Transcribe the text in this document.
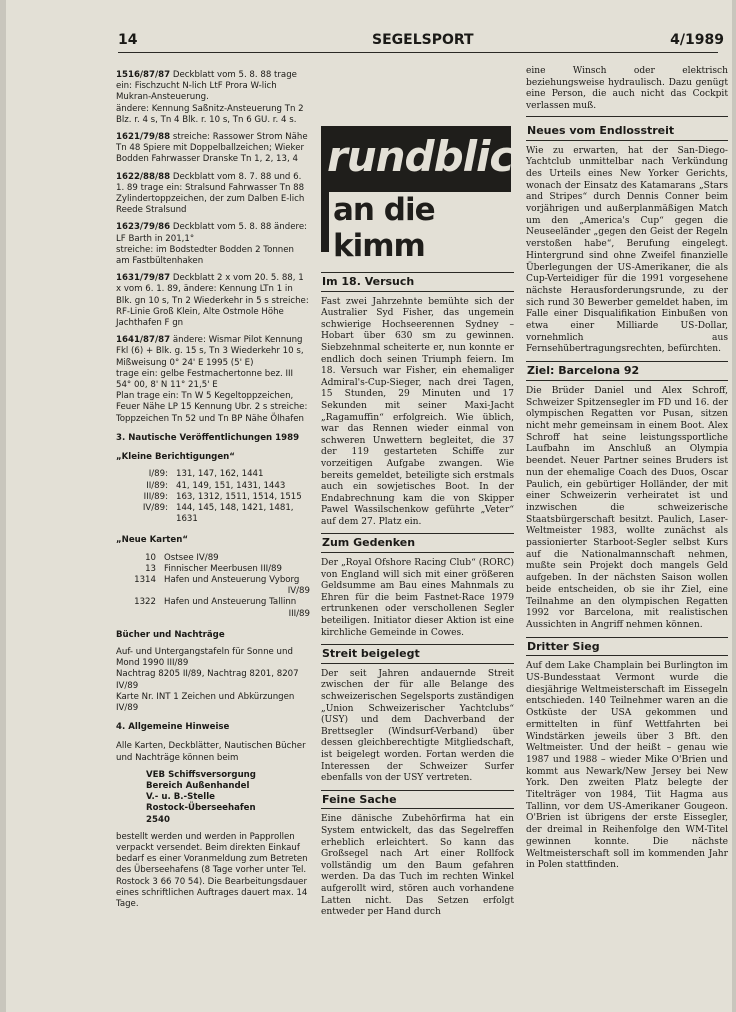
14	SEGELSPORT	4/1989
1516/87/87 Deckblatt vom 5. 8. 88 trage ein: Fischzucht N-lich LtF Prora W-lich Mukran-Ansteuerung.
ändere: Kennung Saßnitz-Ansteuerung Tn 2 Blz. r. 4 s, Tn 4 Blk. r. 10 s, Tn 6 GU. r. 4 s.
1621/79/88 streiche: Rassower Strom Nähe Tn 48 Spiere mit Doppelballzeichen; Wieker Bodden Fahrwasser Dranske Tn 1, 2, 13, 4
1622/88/88 Deckblatt vom 8. 7. 88 und 6. 1. 89 trage ein: Stralsund Fahrwasser Tn 88 Zylindertoppzeichen, der zum Dalben E-lich Reede Stralsund
1623/79/86 Deckblatt vom 5. 8. 88 ändere: LF Barth in 201,1°
streiche: im Bodstedter Bodden 2 Tonnen am Fastbültenhaken
1631/79/87 Deckblatt 2 x vom 20. 5. 88, 1 x vom 6. 1. 89, ändere: Kennung LTn 1 in Blk. gn 10 s, Tn 2 Wiederkehr in 5 s streiche: RF-Linie Groß Klein, Alte Ostmole Höhe Jachthafen F gn
1641/87/87 ändere: Wismar Pilot Kennung Fkl (6) + Blk. g. 15 s, Tn 3 Wiederkehr 10 s, Mißweisung 0° 24' E 1995 (5' E)
trage ein: gelbe Festmachertonne bez. III 54° 00, 8' N 11° 21,5' E
Plan trage ein: Tn W 5 Kegeltoppzeichen, Feuer Nähe LP 15 Kennung Ubr. 2 s streiche: Toppzeichen Tn 52 und Tn BP Nähe Ölhafen
3. Nautische Veröffentlichungen 1989
„Kleine Berichtigungen“
I/89: 131, 147, 162, 1441
II/89: 41, 149, 151, 1431, 1443
III/89: 163, 1312, 1511, 1514, 1515
IV/89: 144, 145, 148, 1421, 1481, 1631
„Neue Karten“
10 Ostsee IV/89
13 Finnischer Meerbusen III/89
1314 Hafen und Ansteuerung Vyborg
IV/89
1322 Hafen und Ansteuerung Tallinn
III/89
Bücher und Nachträge
Auf- und Untergangstafeln für Sonne und Mond 1990 III/89
Nachtrag 8205 II/89, Nachtrag 8201, 8207 IV/89
Karte Nr. INT 1 Zeichen und Abkürzungen IV/89
4. Allgemeine Hinweise
Alle Karten, Deckblätter, Nautischen Bücher und Nachträge können beim
VEB Schiffsversorgung
Bereich Außenhandel
V.- u. B.-Stelle
Rostock-Überseehafen
2540
bestellt werden und werden in Papprollen verpackt versendet. Beim direkten Einkauf bedarf es einer Voranmeldung zum Betreten des Überseehafens (8 Tage vorher unter Tel. Rostock 3 66 70 54). Die Bearbeitungsdauer eines schriftlichen Auftrages dauert max. 14 Tage.
Im 18. Versuch
Fast zwei Jahrzehnte bemühte sich der Australier Syd Fisher, das ungemein schwierige Hochseerennen Sydney – Hobart über 630 sm zu gewinnen. Siebzehnmal scheiterte er, nun konnte er endlich doch seinen Triumph feiern. Im 18. Versuch war Fisher, ein ehemaliger Admiral's-Cup-Sieger, nach drei Tagen, 15 Stunden, 29 Minuten und 17 Sekunden mit seiner Maxi-Jacht „Ragamuffin“ erfolgreich. Wie üblich, war das Rennen wieder einmal von schweren Unwettern begleitet, die 37 der 119 gestarteten Schiffe zur vorzeitigen Aufgabe zwangen. Wie bereits gemeldet, beteiligte sich erstmals auch ein sowjetisches Boot. In der Endabrechnung kam die von Skipper Pawel Wassilschenkow geführte „Veter“ auf dem 27. Platz ein.
Zum Gedenken
Der „Royal Ofshore Racing Club“ (RORC) von England will sich mit einer größeren Geldsumme am Bau eines Mahnmals zu Ehren für die beim Fastnet-Race 1979 ertrunkenen oder verschollenen Segler beteiligen. Initiator dieser Aktion ist eine kirchliche Gemeinde in Cowes.
Streit beigelegt
Der seit Jahren andauernde Streit zwischen der für alle Belange des schweizerischen Segelsports zuständigen „Union Schweizerischer Yachtclubs“ (USY) und dem Dachverband der Brettsegler (Windsurf-Verband) über dessen gleichberechtigte Mitgliedschaft, ist beigelegt worden. Fortan werden die Interessen der Schweizer Surfer ebenfalls von der USY vertreten.
Feine Sache
Eine dänische Zubehörfirma hat ein System entwickelt, das das Segelreffen erheblich erleichtert. So kann das Großsegel nach Art einer Rollfock vollständig um den Baum gefahren werden. Da das Tuch im rechten Winkel aufgerollt wird, stören auch vorhandene Latten nicht. Das Setzen erfolgt entweder per Hand durch
rundblick
an die kimm
eine Winsch oder elektrisch beziehungsweise hydraulisch. Dazu genügt eine Person, die auch nicht das Cockpit verlassen muß.
Neues vom Endlosstreit
Wie zu erwarten, hat der San-Diego-Yachtclub unmittelbar nach Verkündung des Urteils eines New Yorker Gerichts, wonach der Einsatz des Katamarans „Stars and Stripes“ durch Dennis Conner beim vorjährigen und außerplanmäßigen Match um den „America's Cup“ gegen die Neuseeländer „gegen den Geist der Regeln verstoßen habe“, Berufung eingelegt. Hintergrund sind ohne Zweifel finanzielle Überlegungen der US-Amerikaner, die als Cup-Verteidiger für die 1991 vorgesehene nächste Herausforderungsrunde, zu der sich rund 30 Bewerber gemeldet haben, im Falle einer Disqualifikation Einbußen von etwa einer Milliarde US-Dollar, vornehmlich aus Fernsehübertragungsrechten, befürchten.
Ziel: Barcelona 92
Die Brüder Daniel und Alex Schroff, Schweizer Spitzensegler im FD und 16. der olympischen Regatten vor Pusan, sitzen nicht mehr gemeinsam in einem Boot. Alex Schroff hat seine leistungssportliche Laufbahn im Anschluß an Olympia beendet. Neuer Partner seines Bruders ist nun der ehemalige Coach des Duos, Oscar Paulich, ein gebürtiger Holländer, der mit einer Schweizerin verheiratet ist und inzwischen die schweizerische Staatsbürgerschaft besitzt. Paulich, Laser-Weltmeister 1983, wollte zunächst als passionierter Starboot-Segler selbst Kurs auf die Nationalmannschaft nehmen, mußte sein Projekt doch mangels Geld aufgeben. In der nächsten Saison wollen beide entscheiden, ob sie ihr Ziel, eine Teilnahme an den olympischen Regatten 1992 vor Barcelona, mit realistischen Aussichten in Angriff nehmen können.
Dritter Sieg
Auf dem Lake Champlain bei Burlington im US-Bundesstaat Vermont wurde die diesjährige Weltmeisterschaft im Eissegeln entschieden. 140 Teilnehmer waren an die Ostküste der USA gekommen und ermittelten in fünf Wettfahrten bei Windstärken jeweils über 3 Bft. den Weltmeister. Und der heißt – genau wie 1987 und 1988 – wieder Mike O'Brien und kommt aus Newark/New Jersey bei New York. Den zweiten Platz belegte der Titelträger von 1984, Tiit Hagma aus Tallinn, vor dem US-Amerikaner Gougeon. O'Brien ist übrigens der erste Eissegler, der dreimal in Reihenfolge den WM-Titel gewinnen konnte. Die nächste Weltmeisterschaft soll im kommenden Jahr in Polen stattfinden.
